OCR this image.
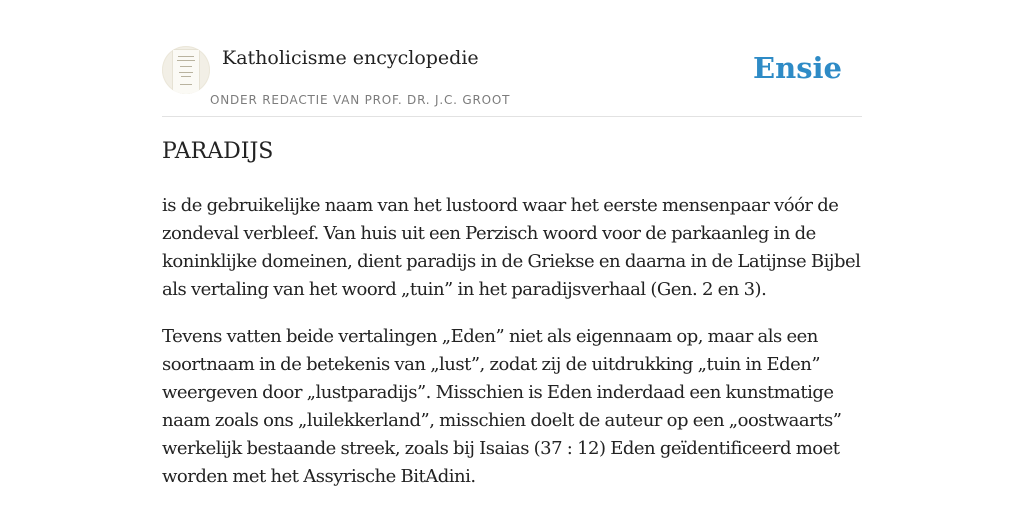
Katholicisme encyclopedie
ONDER REDACTIE VAN PROF. DR. J.C. GROOT
Ensie
PARADIJS

is de gebruikelijke naam van het lustoord waar het eerste mensenpaar vóór de zondeval verbleef. Van huis uit een Perzisch woord voor de parkaanleg in de koninklijke domeinen, dient paradijs in de Griekse en daarna in de Latijnse Bijbel als vertaling van het woord „tuin” in het paradijsverhaal (Gen. 2 en 3).

Tevens vatten beide vertalingen „Eden” niet als eigennaam op, maar als een soortnaam in de betekenis van „lust”, zodat zij de uitdrukking „tuin in Eden” weergeven door „lustparadijs”. Misschien is Eden inderdaad een kunstmatige naam zoals ons „luilekkerland”, misschien doelt de auteur op een „oostwaarts” werkelijk bestaande streek, zoals bij Isaias (37 : 12) Eden geïdentificeerd moet worden met het Assyrische BitAdini.
